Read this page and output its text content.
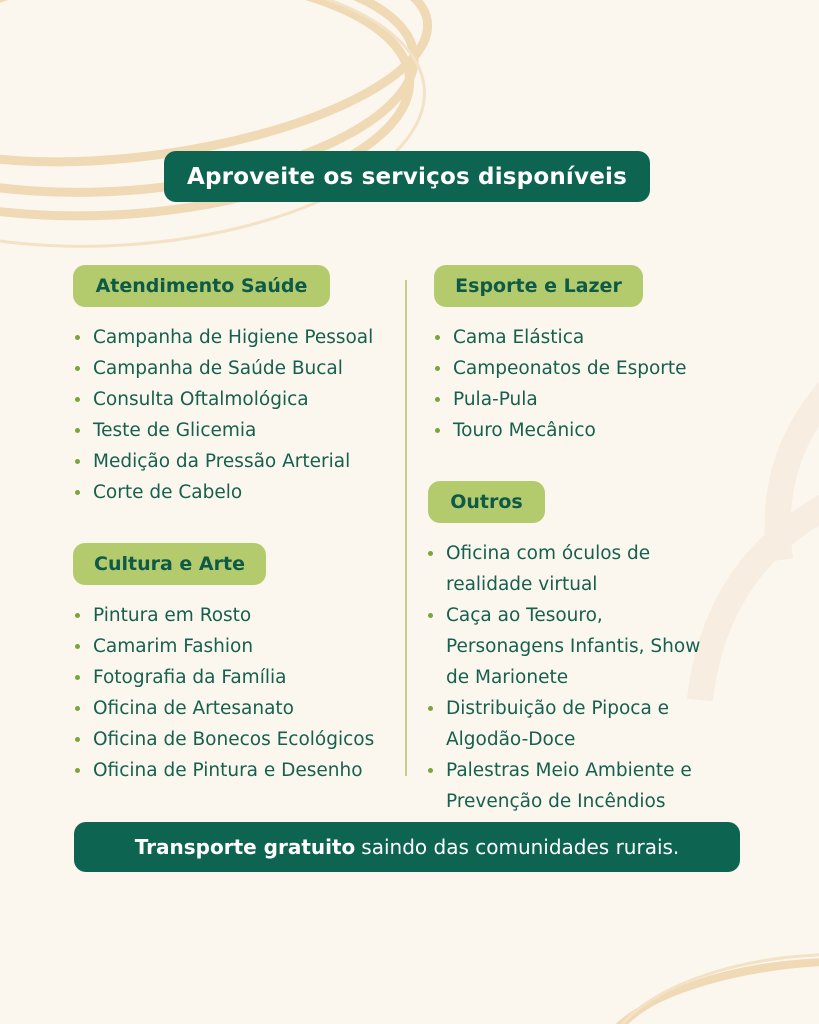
Aproveite os serviços disponíveis
Atendimento Saúde
Campanha de Higiene Pessoal
Campanha de Saúde Bucal
Consulta Oftalmológica
Teste de Glicemia
Medição da Pressão Arterial
Corte de Cabelo
Cultura e Arte
Pintura em Rosto
Camarim Fashion
Fotografia da Família
Oficina de Artesanato
Oficina de Bonecos Ecológicos
Oficina de Pintura e Desenho
Esporte e Lazer
Cama Elástica
Campeonatos de Esporte
Pula-Pula
Touro Mecânico
Outros
Oficina com óculos de realidade virtual
Caça ao Tesouro, Personagens Infantis, Show de Marionete
Distribuição de Pipoca e Algodão-Doce
Palestras Meio Ambiente e Prevenção de Incêndios
Transporte gratuito saindo das comunidades rurais.
